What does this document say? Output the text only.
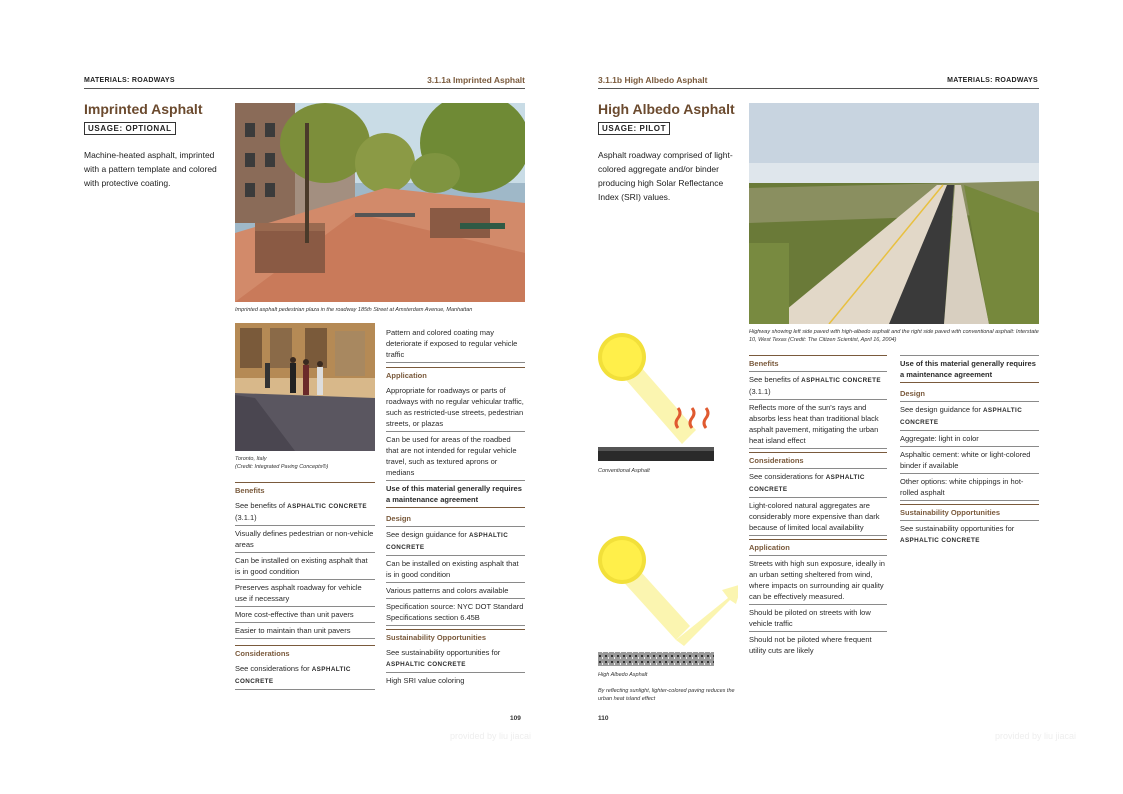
MATERIALS: ROADWAYS	3.1.1a Imprinted Asphalt
Imprinted Asphalt
USAGE: OPTIONAL
Machine-heated asphalt, imprinted with a pattern template and colored with protective coating.
Imprinted asphalt pedestrian plaza in the roadway 185th Street at Amsterdam Avenue, Manhattan
Toronto, Italy
(Credit: Integrated Paving Concepts®)
Benefits
See benefits of ASPHALTIC CONCRETE
(3.1.1)
Visually defines pedestrian or non-vehicle areas
Can be installed on existing asphalt that is in good condition
Preserves asphalt roadway for vehicle use if necessary
More cost-effective than unit pavers
Easier to maintain than unit pavers
Considerations
See considerations for ASPHALTIC CONCRETE
Pattern and colored coating may deteriorate if exposed to regular vehicle traffic
Application
Appropriate for roadways or parts of roadways with no regular vehicular traffic, such as restricted-use streets, pedestrian streets, or plazas
Can be used for areas of the roadbed that are not intended for regular vehicle travel, such as textured aprons or medians
Use of this material generally requires a maintenance agreement
Design
See design guidance for ASPHALTIC CONCRETE
Can be installed on existing asphalt that is in good condition
Various patterns and colors available
Specification source: NYC DOT Standard Specifications section 6.45B
Sustainability Opportunities
See sustainability opportunities for ASPHALTIC CONCRETE
High SRI value coloring
109
provided by liu jiacai
3.1.1b High Albedo Asphalt	MATERIALS: ROADWAYS
High Albedo Asphalt
USAGE: PILOT
Asphalt roadway comprised of light-colored aggregate and/or binder producing high Solar Reflectance Index (SRI) values.
Highway showing left side paved with high-albedo asphalt and the right side paved with conventional asphalt: Interstate 10, West Texas (Credit: The Citizen Scientist, April 16, 2004)
Conventional Asphalt
High Albedo Asphalt
By reflecting sunlight, lighter-colored paving reduces the urban heat island effect
Benefits
See benefits of ASPHALTIC CONCRETE
(3.1.1)
Reflects more of the sun's rays and absorbs less heat than traditional black asphalt pavement, mitigating the urban heat island effect
Considerations
See considerations for ASPHALTIC CONCRETE
Light-colored natural aggregates are considerably more expensive than dark because of limited local availability
Application
Streets with high sun exposure, ideally in an urban setting sheltered from wind, where impacts on surrounding air quality can be effectively measured.
Should be piloted on streets with low vehicle traffic
Should not be piloted where frequent utility cuts are likely
Use of this material generally requires a maintenance agreement
Design
See design guidance for ASPHALTIC CONCRETE
Aggregate: light in color
Asphaltic cement: white or light-colored binder if available
Other options: white chippings in hot-rolled asphalt
Sustainability Opportunities
See sustainability opportunities for ASPHALTIC CONCRETE
110
provided by liu jiacai
